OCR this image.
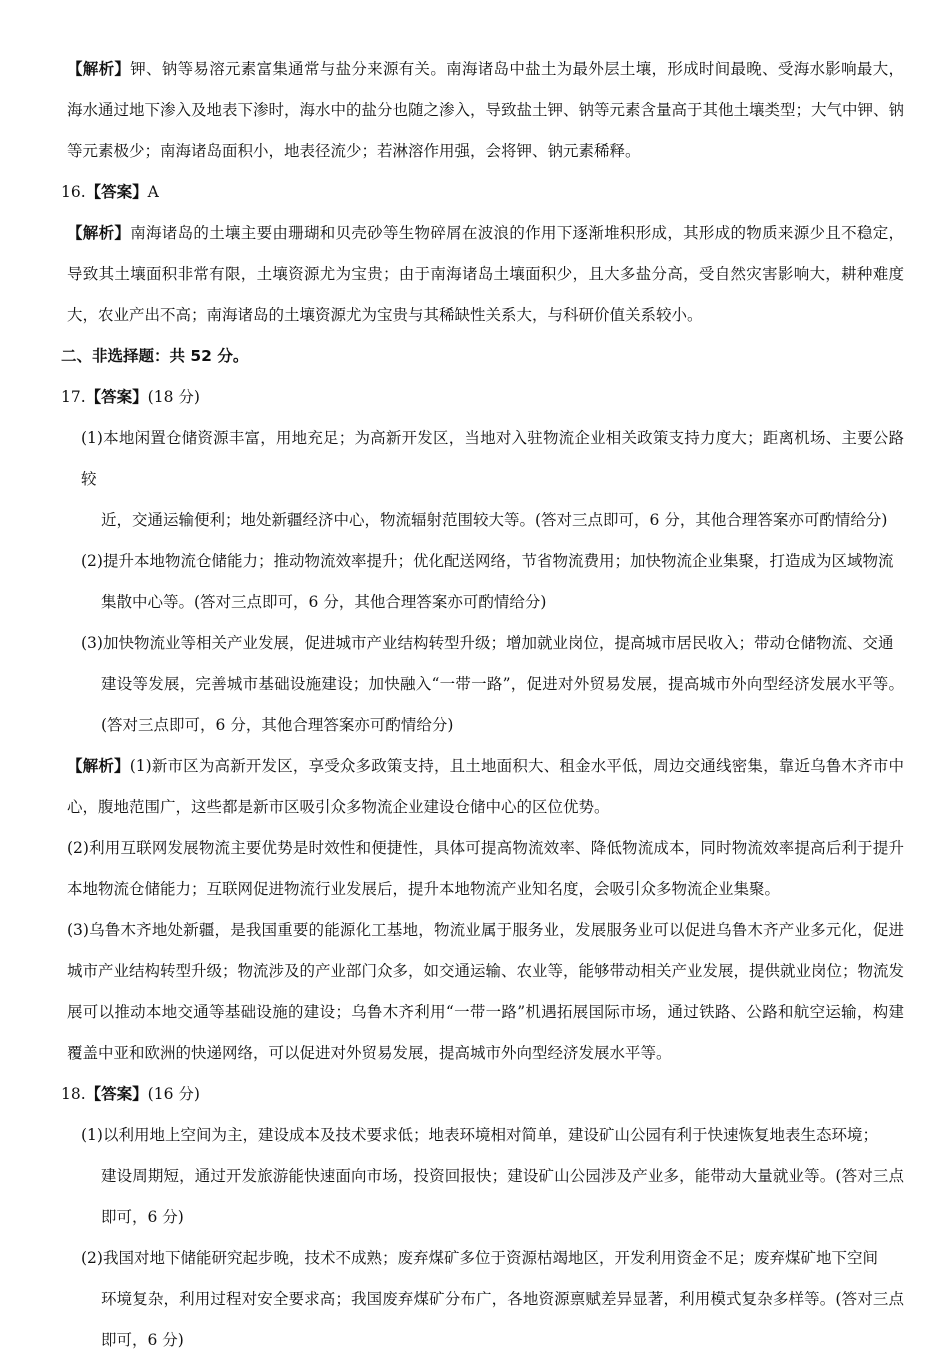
【解析】钾、钠等易溶元素富集通常与盐分来源有关。南海诸岛中盐土为最外层土壤，形成时间最晚、受海水影响最大，海水通过地下渗入及地表下渗时，海水中的盐分也随之渗入，导致盐土钾、钠等元素含量高于其他土壤类型；大气中钾、钠等元素极少；南海诸岛面积小，地表径流少；若淋溶作用强，会将钾、钠元素稀释。

16.【答案】A

【解析】南海诸岛的土壤主要由珊瑚和贝壳砂等生物碎屑在波浪的作用下逐渐堆积形成，其形成的物质来源少且不稳定，导致其土壤面积非常有限，土壤资源尤为宝贵；由于南海诸岛土壤面积少，且大多盐分高，受自然灾害影响大，耕种难度大，农业产出不高；南海诸岛的土壤资源尤为宝贵与其稀缺性关系大，与科研价值关系较小。

二、非选择题：共 52 分。

17.【答案】(18 分)

(1)本地闲置仓储资源丰富，用地充足；为高新开发区，当地对入驻物流企业相关政策支持力度大；距离机场、主要公路较
近，交通运输便利；地处新疆经济中心，物流辐射范围较大等。(答对三点即可，6 分，其他合理答案亦可酌情给分)

(2)提升本地物流仓储能力；推动物流效率提升；优化配送网络，节省物流费用；加快物流企业集聚，打造成为区域物流
集散中心等。(答对三点即可，6 分，其他合理答案亦可酌情给分)

(3)加快物流业等相关产业发展，促进城市产业结构转型升级；增加就业岗位，提高城市居民收入；带动仓储物流、交通
建设等发展，完善城市基础设施建设；加快融入“一带一路”，促进对外贸易发展，提高城市外向型经济发展水平等。(答对三点即可，6 分，其他合理答案亦可酌情给分)

【解析】(1)新市区为高新开发区，享受众多政策支持，且土地面积大、租金水平低，周边交通线密集，靠近乌鲁木齐市中心，腹地范围广，这些都是新市区吸引众多物流企业建设仓储中心的区位优势。

(2)利用互联网发展物流主要优势是时效性和便捷性，具体可提高物流效率、降低物流成本，同时物流效率提高后利于提升本地物流仓储能力；互联网促进物流行业发展后，提升本地物流产业知名度，会吸引众多物流企业集聚。

(3)乌鲁木齐地处新疆，是我国重要的能源化工基地，物流业属于服务业，发展服务业可以促进乌鲁木齐产业多元化，促进城市产业结构转型升级；物流涉及的产业部门众多，如交通运输、农业等，能够带动相关产业发展，提供就业岗位；物流发展可以推动本地交通等基础设施的建设；乌鲁木齐利用“一带一路”机遇拓展国际市场，通过铁路、公路和航空运输，构建覆盖中亚和欧洲的快递网络，可以促进对外贸易发展，提高城市外向型经济发展水平等。

18.【答案】(16 分)

(1)以利用地上空间为主，建设成本及技术要求低；地表环境相对简单，建设矿山公园有利于快速恢复地表生态环境；
建设周期短，通过开发旅游能快速面向市场，投资回报快；建设矿山公园涉及产业多，能带动大量就业等。(答对三点即可，6 分)

(2)我国对地下储能研究起步晚，技术不成熟；废弃煤矿多位于资源枯竭地区，开发利用资金不足；废弃煤矿地下空间
环境复杂，利用过程对安全要求高；我国废弃煤矿分布广，各地资源禀赋差异显著，利用模式复杂多样等。(答对三点即可，6 分)
